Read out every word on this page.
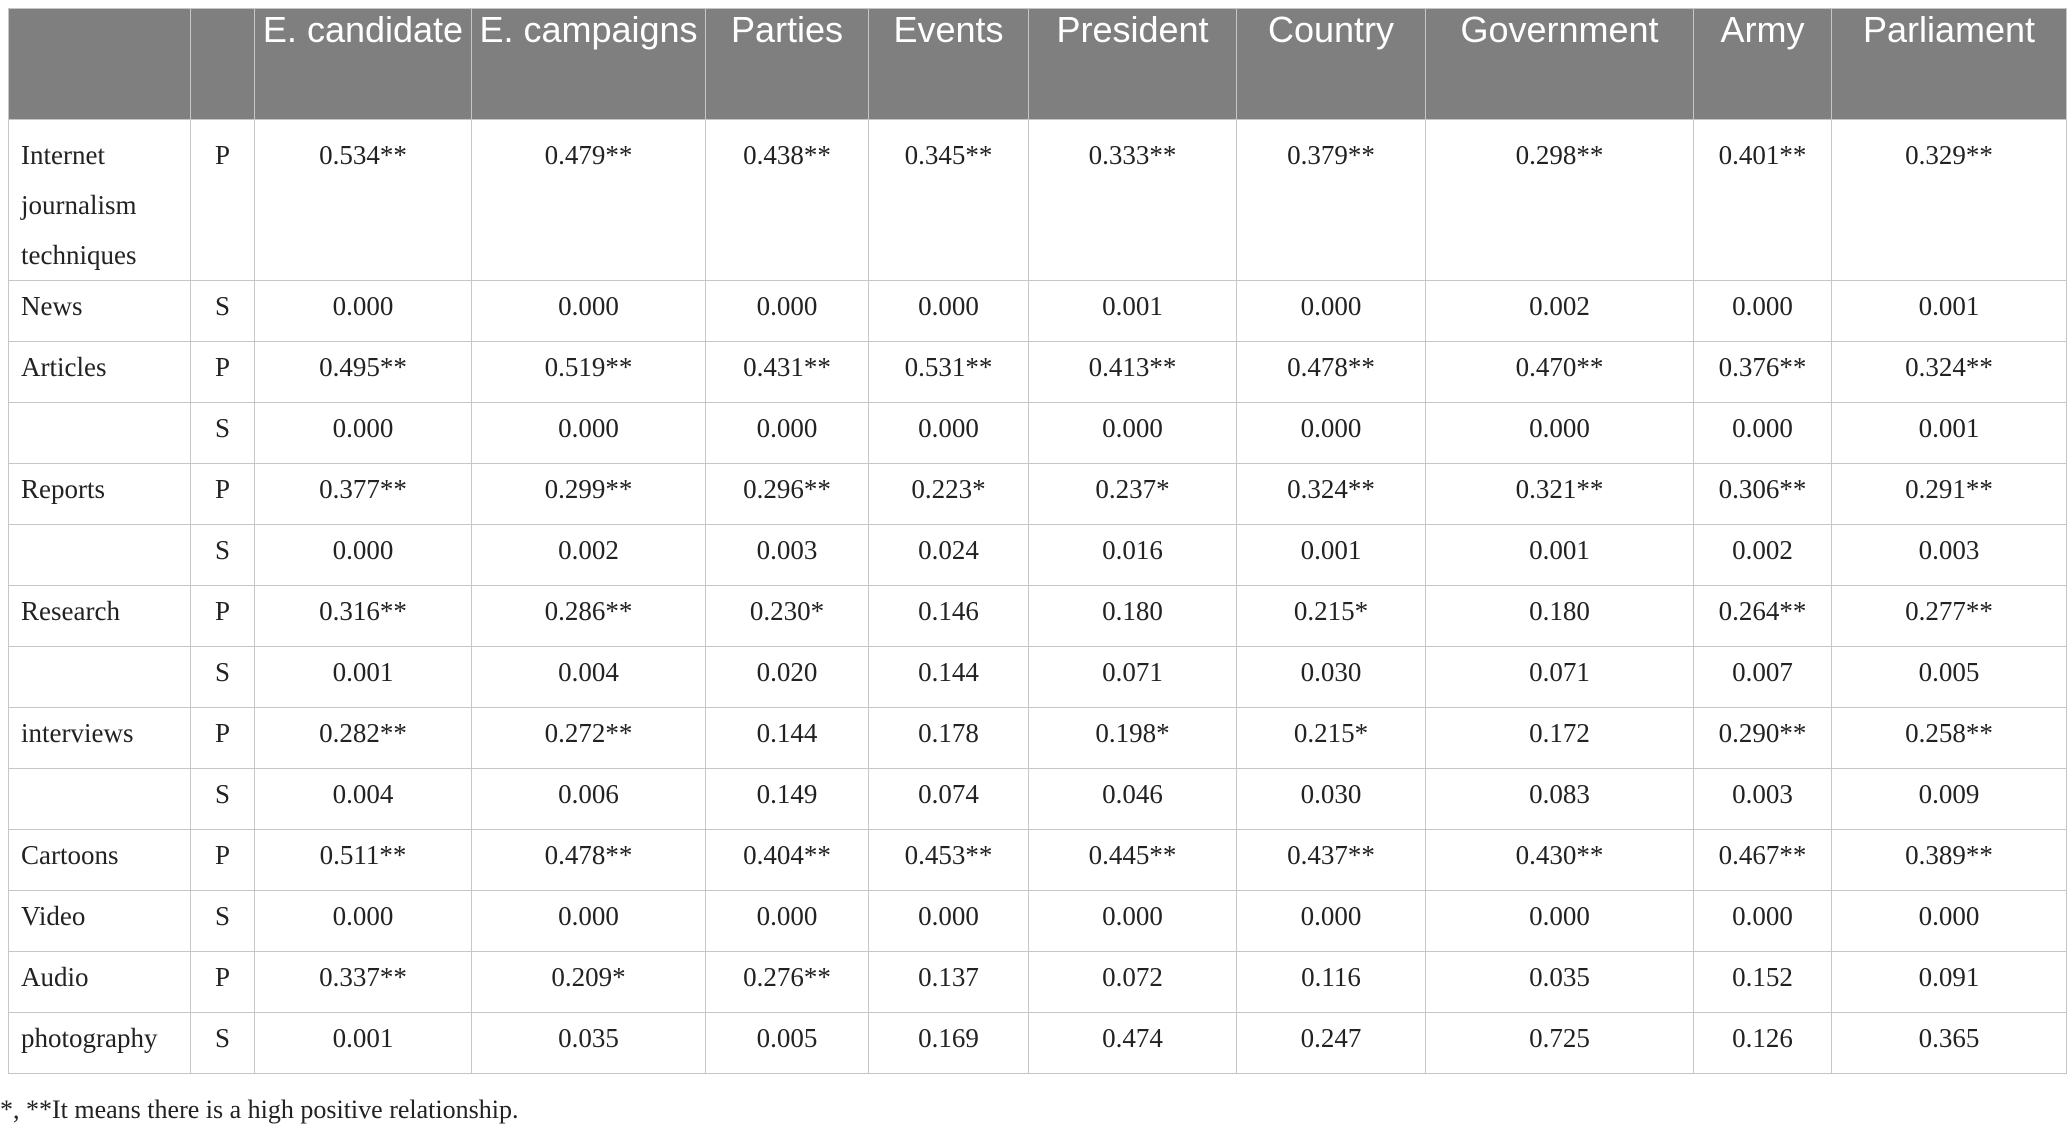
		E. candidate	E. campaigns	Parties	Events	President	Country	Government	Army	Parliament
Internet journalism techniques	P	0.534**	0.479**	0.438**	0.345**	0.333**	0.379**	0.298**	0.401**	0.329**
News	S	0.000	0.000	0.000	0.000	0.001	0.000	0.002	0.000	0.001
Articles	P	0.495**	0.519**	0.431**	0.531**	0.413**	0.478**	0.470**	0.376**	0.324**
	S	0.000	0.000	0.000	0.000	0.000	0.000	0.000	0.000	0.001
Reports	P	0.377**	0.299**	0.296**	0.223*	0.237*	0.324**	0.321**	0.306**	0.291**
	S	0.000	0.002	0.003	0.024	0.016	0.001	0.001	0.002	0.003
Research	P	0.316**	0.286**	0.230*	0.146	0.180	0.215*	0.180	0.264**	0.277**
	S	0.001	0.004	0.020	0.144	0.071	0.030	0.071	0.007	0.005
interviews	P	0.282**	0.272**	0.144	0.178	0.198*	0.215*	0.172	0.290**	0.258**
	S	0.004	0.006	0.149	0.074	0.046	0.030	0.083	0.003	0.009
Cartoons	P	0.511**	0.478**	0.404**	0.453**	0.445**	0.437**	0.430**	0.467**	0.389**
Video	S	0.000	0.000	0.000	0.000	0.000	0.000	0.000	0.000	0.000
Audio	P	0.337**	0.209*	0.276**	0.137	0.072	0.116	0.035	0.152	0.091
photography	S	0.001	0.035	0.005	0.169	0.474	0.247	0.725	0.126	0.365
*, **It means there is a high positive relationship.
